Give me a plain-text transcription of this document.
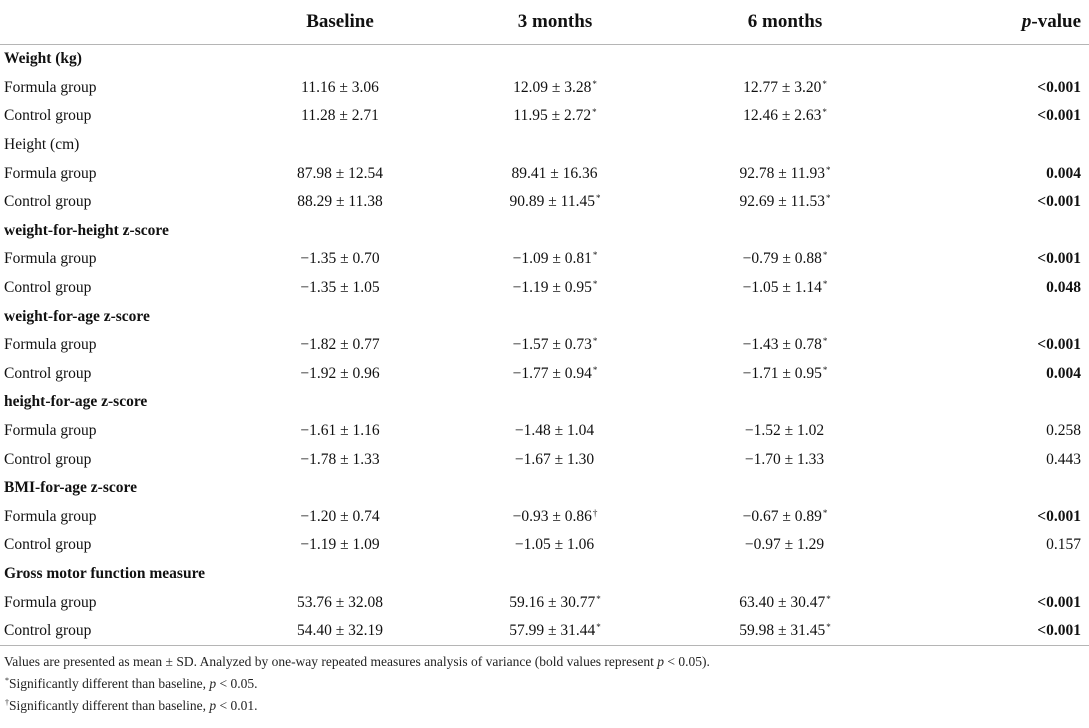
	Baseline	3 months	6 months	p-value
Weight (kg)				
Formula group	11.16 ± 3.06	12.09 ± 3.28*	12.77 ± 3.20*	<0.001
Control group	11.28 ± 2.71	11.95 ± 2.72*	12.46 ± 2.63*	<0.001
Height (cm)				
Formula group	87.98 ± 12.54	89.41 ± 16.36	92.78 ± 11.93*	0.004
Control group	88.29 ± 11.38	90.89 ± 11.45*	92.69 ± 11.53*	<0.001
weight-for-height z-score				
Formula group	−1.35 ± 0.70	−1.09 ± 0.81*	−0.79 ± 0.88*	<0.001
Control group	−1.35 ± 1.05	−1.19 ± 0.95*	−1.05 ± 1.14*	0.048
weight-for-age z-score				
Formula group	−1.82 ± 0.77	−1.57 ± 0.73*	−1.43 ± 0.78*	<0.001
Control group	−1.92 ± 0.96	−1.77 ± 0.94*	−1.71 ± 0.95*	0.004
height-for-age z-score				
Formula group	−1.61 ± 1.16	−1.48 ± 1.04	−1.52 ± 1.02	0.258
Control group	−1.78 ± 1.33	−1.67 ± 1.30	−1.70 ± 1.33	0.443
BMI-for-age z-score				
Formula group	−1.20 ± 0.74	−0.93 ± 0.86†	−0.67 ± 0.89*	<0.001
Control group	−1.19 ± 1.09	−1.05 ± 1.06	−0.97 ± 1.29	0.157
Gross motor function measure				
Formula group	53.76 ± 32.08	59.16 ± 30.77*	63.40 ± 30.47*	<0.001
Control group	54.40 ± 32.19	57.99 ± 31.44*	59.98 ± 31.45*	<0.001
Values are presented as mean ± SD. Analyzed by one-way repeated measures analysis of variance (bold values represent p < 0.05).
*Significantly different than baseline, p < 0.05.
†Significantly different than baseline, p < 0.01.
